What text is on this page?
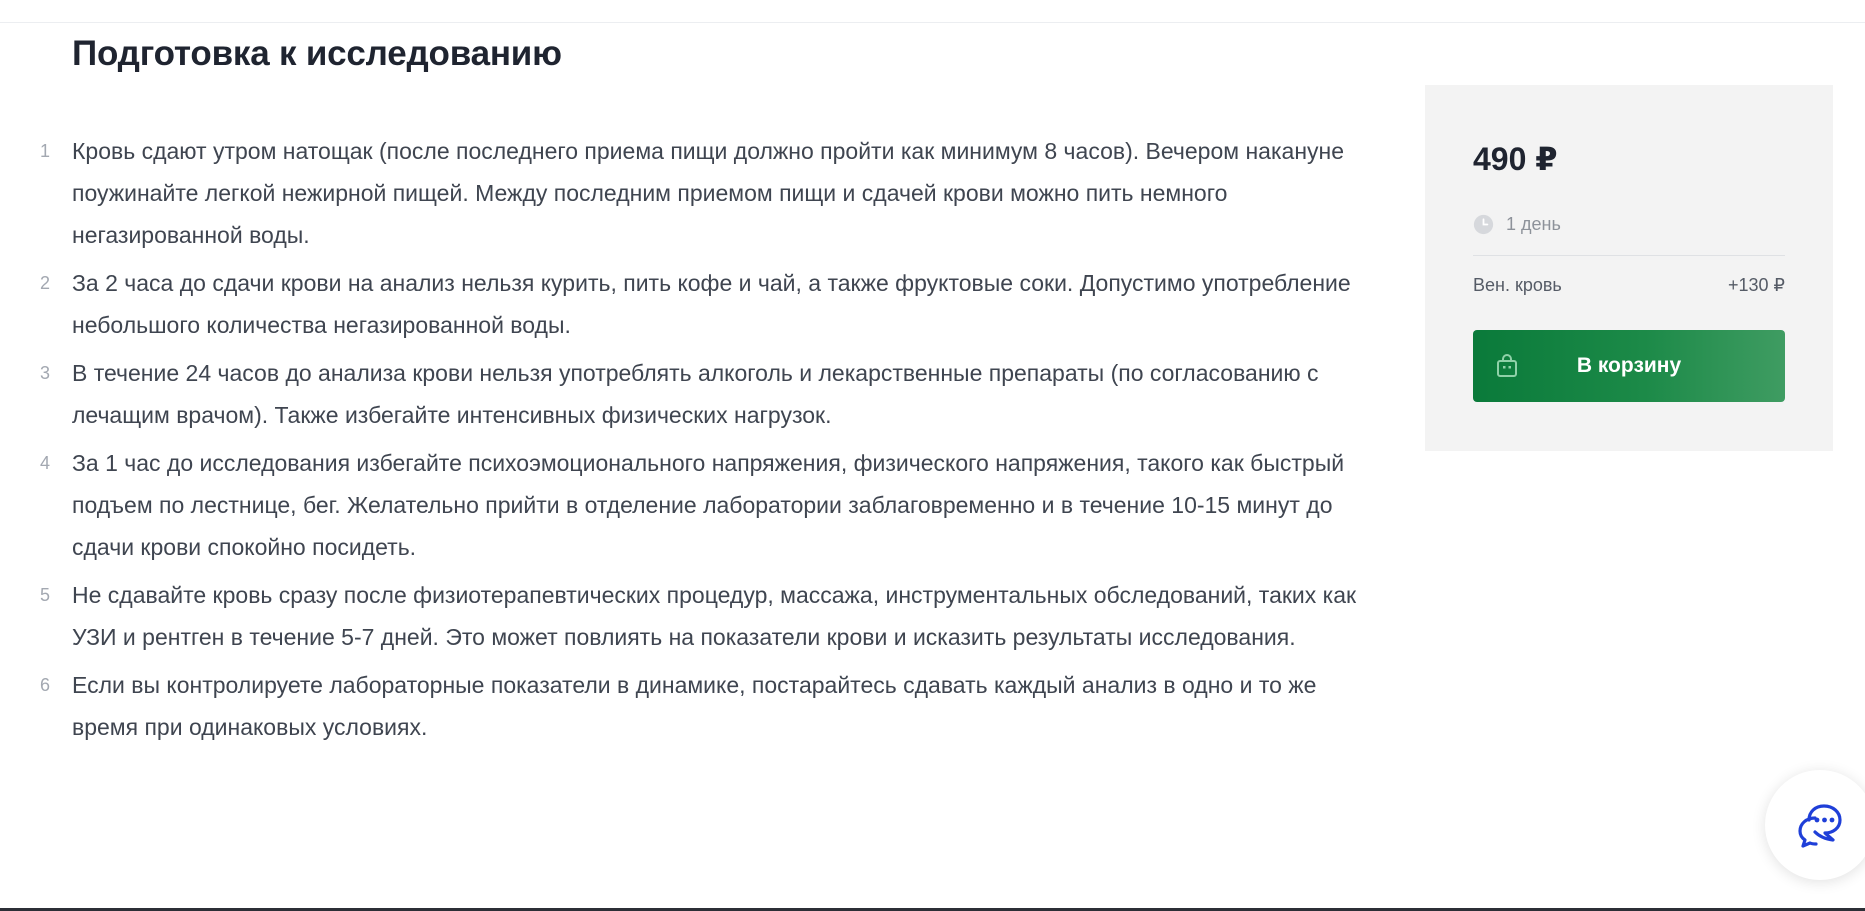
Подготовка к исследованию
1 Кровь сдают утром натощак (после последнего приема пищи должно пройти как минимум 8 часов). Вечером накануне поужинайте легкой нежирной пищей. Между последним приемом пищи и сдачей крови можно пить немного негазированной воды.
2 За 2 часа до сдачи крови на анализ нельзя курить, пить кофе и чай, а также фруктовые соки. Допустимо употребление небольшого количества негазированной воды.
3 В течение 24 часов до анализа крови нельзя употреблять алкоголь и лекарственные препараты (по согласованию с лечащим врачом). Также избегайте интенсивных физических нагрузок.
4 За 1 час до исследования избегайте психоэмоционального напряжения, физического напряжения, такого как быстрый подъем по лестнице, бег. Желательно прийти в отделение лаборатории заблаговременно и в течение 10-15 минут до сдачи крови спокойно посидеть.
5 Не сдавайте кровь сразу после физиотерапевтических процедур, массажа, инструментальных обследований, таких как УЗИ и рентген в течение 5-7 дней. Это может повлиять на показатели крови и исказить результаты исследования.
6 Если вы контролируете лабораторные показатели в динамике, постарайтесь сдавать каждый анализ в одно и то же время при одинаковых условиях.
490 ₽
1 день
Вен. кровь	+130 ₽
В корзину
